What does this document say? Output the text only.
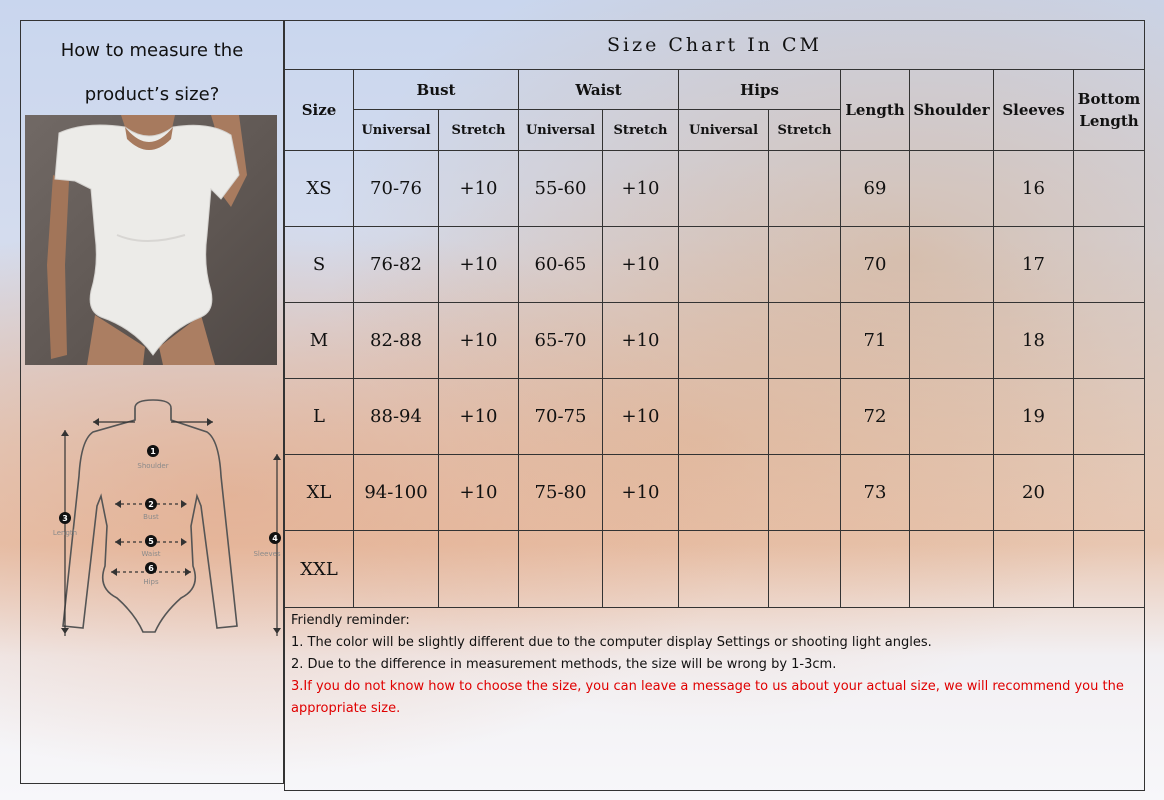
How to measure the
product’s size?
1
2
3
4
5
6
Shoulder
Bust
Length
Sleeves
Waist
Hips
Size Chart In CM										
Size	Bust		Waist		Hips		Length	Shoulder	Sleeves	Bottom
Length

	Universal	Stretch	Universal	Stretch	Universal	Stretch				
XS	70-76	+10	55-60	+10			69		16	
S	76-82	+10	60-65	+10			70		17	
M	82-88	+10	65-70	+10			71		18	
L	88-94	+10	70-75	+10			72		19	
XL	94-100	+10	75-80	+10			73		20	
XXL										

Friendly reminder:
1. The color will be slightly different due to the computer display Settings or shooting light angles.
2. Due to the difference in measurement methods, the size will be wrong by 1-3cm.
3.If you do not know how to choose the size, you can leave a message to us about your actual size, we will recommend you the appropriate size.										
